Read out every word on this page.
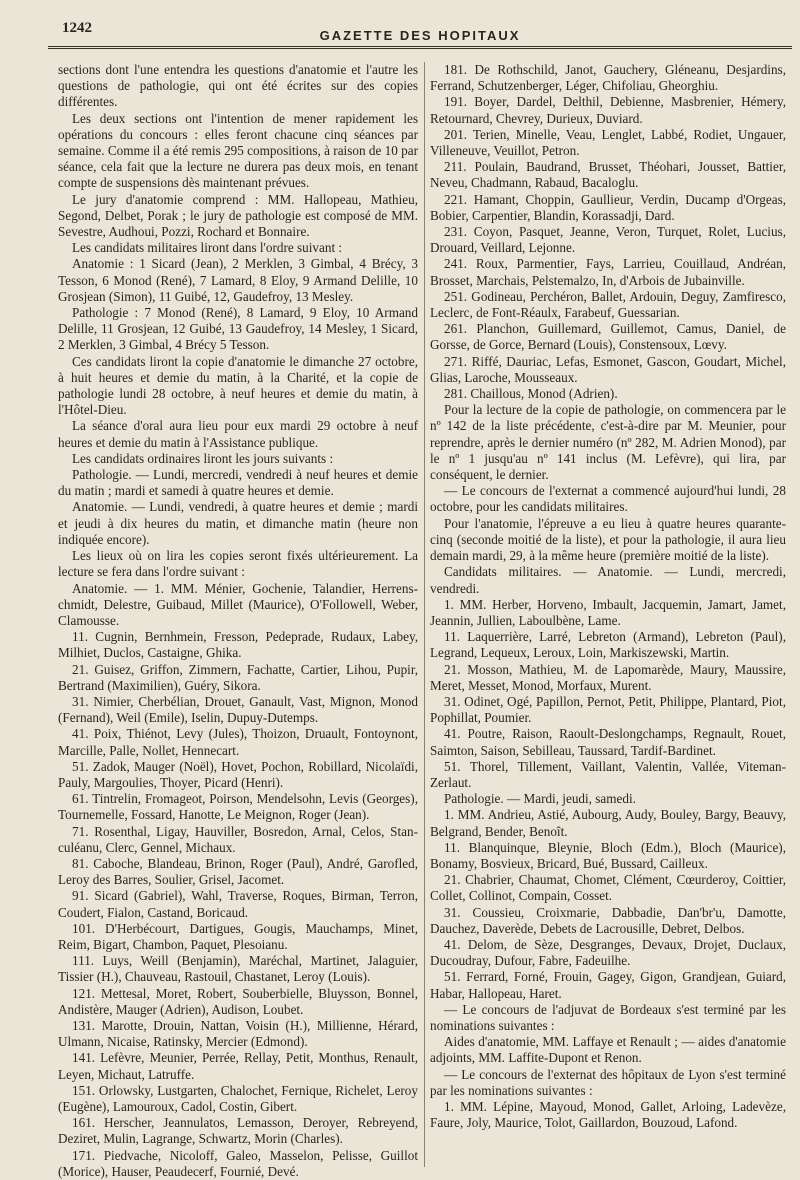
1242	GAZETTE DES HOPITAUX

sections dont l'une entendra les questions d'anatomie et l'autre les questions de pathologie, qui ont été écrites sur des copies différentes.

Les deux sections ont l'intention de mener rapidement les opérations du concours : elles feront chacune cinq séances par semaine. Comme il a été remis 295 compositions, à raison de 10 par séance, cela fait que la lecture ne durera pas deux mois, en tenant compte de suspensions dès maintenant prévues.

Le jury d'anatomie comprend : MM. Hallopeau, Mathieu, Segond, Delbet, Porak ; le jury de pathologie est composé de MM. Sevestre, Audhoui, Pozzi, Rochard et Bonnaire.

Les candidats militaires liront dans l'ordre suivant :

Anatomie : 1 Sicard (Jean), 2 Merklen, 3 Gimbal, 4 Brécy, 3 Tesson, 6 Monod (René), 7 Lamard, 8 Eloy, 9 Armand Delille, 10 Grosjean (Simon), 11 Guibé, 12, Gaudefroy, 13 Mesley.

Pathologie : 7 Monod (René), 8 Lamard, 9 Eloy, 10 Armand Delille, 11 Grosjean, 12 Guibé, 13 Gaudefroy, 14 Mesley, 1 Sicard, 2 Merklen, 3 Gimbal, 4 Brécy 5 Tesson.

Ces candidats liront la copie d'anatomie le dimanche 27 octobre, à huit heures et demie du matin, à la Charité, et la copie de pathologie lundi 28 octobre, à neuf heures et demie du matin, à l'Hôtel-Dieu.

La séance d'oral aura lieu pour eux mardi 29 octobre à neuf heures et demie du matin à l'Assistance publique.

Les candidats ordinaires liront les jours suivants :

Pathologie. — Lundi, mercredi, vendredi à neuf heures et demie du matin ; mardi et samedi à quatre heures et demie.

Anatomie. — Lundi, vendredi, à quatre heures et demie ; mardi et jeudi à dix heures du matin, et dimanche matin (heure non indiquée encore).

Les lieux où on lira les copies seront fixés ultérieurement. La lecture se fera dans l'ordre suivant :

Anatomie. — 1. MM. Ménier, Gochenie, Talandier, Herrens-chmidt, Delestre, Guibaud, Millet (Maurice), O'Followell, Weber, Clamousse.

11. Cugnin, Bernhmein, Fresson, Pedeprade, Rudaux, Labey, Milhiet, Duclos, Castaigne, Ghika.

21. Guisez, Griffon, Zimmern, Fachatte, Cartier, Lihou, Pupir, Bertrand (Maximilien), Guéry, Sikora.

31. Nimier, Cherbélian, Drouet, Ganault, Vast, Mignon, Monod (Fernand), Weil (Emile), Iselin, Dupuy-Dutemps.

41. Poix, Thiénot, Levy (Jules), Thoizon, Druault, Fontoynont, Marcille, Palle, Nollet, Hennecart.

51. Zadok, Mauger (Noël), Hovet, Pochon, Robillard, Nicolaïdi, Pauly, Margoulies, Thoyer, Picard (Henri).

61. Tintrelin, Fromageot, Poirson, Mendelsohn, Levis (Georges), Tournemelle, Fossard, Hanotte, Le Meignon, Roger (Jean).

71. Rosenthal, Ligay, Hauviller, Bosredon, Arnal, Celos, Stan-culéanu, Clerc, Gennel, Michaux.

81. Caboche, Blandeau, Brinon, Roger (Paul), André, Garofled, Leroy des Barres, Soulier, Grisel, Jacomet.

91. Sicard (Gabriel), Wahl, Traverse, Roques, Birman, Terron, Coudert, Fialon, Castand, Boricaud.

101. D'Herbécourt, Dartigues, Gougis, Mauchamps, Minet, Reim, Bigart, Chambon, Paquet, Plesoianu.

111. Luys, Weill (Benjamin), Maréchal, Martinet, Jalaguier, Tissier (H.), Chauveau, Rastouil, Chastanet, Leroy (Louis).

121. Mettesal, Moret, Robert, Souberbielle, Bluysson, Bonnel, Andistère, Mauger (Adrien), Audison, Loubet.

131. Marotte, Drouin, Nattan, Voisin (H.), Millienne, Hérard, Ulmann, Nicaise, Ratinsky, Mercier (Edmond).

141. Lefèvre, Meunier, Perrée, Rellay, Petit, Monthus, Renault, Leyen, Michaut, Latruffe.

151. Orlowsky, Lustgarten, Chalochet, Fernique, Richelet, Leroy (Eugène), Lamouroux, Cadol, Costin, Gibert.

161. Herscher, Jeannulatos, Lemasson, Deroyer, Rebreyend, Deziret, Mulin, Lagrange, Schwartz, Morin (Charles).

171. Piedvache, Nicoloff, Galeo, Masselon, Pelisse, Guillot (Morice), Hauser, Peaudecerf, Fournié, Devé.

181. De Rothschild, Janot, Gauchery, Gléneanu, Desjardins, Ferrand, Schutzenberger, Léger, Chifoliau, Gheorghiu.

191. Boyer, Dardel, Delthil, Debienne, Masbrenier, Hémery, Retournard, Chevrey, Durieux, Duviard.

201. Terien, Minelle, Veau, Lenglet, Labbé, Rodiet, Ungauer, Villeneuve, Veuillot, Petron.

211. Poulain, Baudrand, Brusset, Théohari, Jousset, Battier, Neveu, Chadmann, Rabaud, Bacaloglu.

221. Hamant, Choppin, Gaullieur, Verdin, Ducamp d'Orgeas, Bobier, Carpentier, Blandin, Korassadji, Dard.

231. Coyon, Pasquet, Jeanne, Veron, Turquet, Rolet, Lucius, Drouard, Veillard, Lejonne.

241. Roux, Parmentier, Fays, Larrieu, Couillaud, Andréan, Brosset, Marchais, Pelstemalzo, In, d'Arbois de Jubainville.

251. Godineau, Perchéron, Ballet, Ardouin, Deguy, Zamfiresco, Leclerc, de Font-Réaulx, Farabeuf, Guessarian.

261. Planchon, Guillemard, Guillemot, Camus, Daniel, de Gorsse, de Gorce, Bernard (Louis), Constensoux, Lœvy.

271. Riffé, Dauriac, Lefas, Esmonet, Gascon, Goudart, Michel, Glias, Laroche, Mousseaux.

281. Chaillous, Monod (Adrien).

Pour la lecture de la copie de pathologie, on commencera par le nº 142 de la liste précédente, c'est-à-dire par M. Meunier, pour reprendre, après le dernier numéro (nº 282, M. Adrien Monod), par le nº 1 jusqu'au nº 141 inclus (M. Lefèvre), qui lira, par conséquent, le dernier.

— Le concours de l'externat a commencé aujourd'hui lundi, 28 octobre, pour les candidats militaires.

Pour l'anatomie, l'épreuve a eu lieu à quatre heures quarante-cinq (seconde moitié de la liste), et pour la pathologie, il aura lieu demain mardi, 29, à la même heure (première moitié de la liste).

Candidats militaires. — Anatomie. — Lundi, mercredi, vendredi.

1. MM. Herber, Horveno, Imbault, Jacquemin, Jamart, Jamet, Jeannin, Jullien, Laboulbène, Lame.

11. Laquerrière, Larré, Lebreton (Armand), Lebreton (Paul), Legrand, Lequeux, Leroux, Loin, Markiszewski, Martin.

21. Mosson, Mathieu, M. de Lapomarède, Maury, Maussire, Meret, Messet, Monod, Morfaux, Murent.

31. Odinet, Ogé, Papillon, Pernot, Petit, Philippe, Plantard, Piot, Pophillat, Poumier.

41. Poutre, Raison, Raoult-Deslongchamps, Regnault, Rouet, Saimton, Saison, Sebilleau, Taussard, Tardif-Bardinet.

51. Thorel, Tillement, Vaillant, Valentin, Vallée, Viteman-Zerlaut.

Pathologie. — Mardi, jeudi, samedi.

1. MM. Andrieu, Astié, Aubourg, Audy, Bouley, Bargy, Beauvy, Belgrand, Bender, Benoît.

11. Blanquinque, Bleynie, Bloch (Edm.), Bloch (Maurice), Bonamy, Bosvieux, Bricard, Bué, Bussard, Cailleux.

21. Chabrier, Chaumat, Chomet, Clément, Cœurderoy, Coittier, Collet, Collinot, Compain, Cosset.

31. Coussieu, Croixmarie, Dabbadie, Dan'br'u, Damotte, Dauchez, Daverède, Debets de Lacrousille, Debret, Delbos.

41. Delom, de Sèze, Desgranges, Devaux, Drojet, Duclaux, Ducoudray, Dufour, Fabre, Fadeuilhe.

51. Ferrard, Forné, Frouin, Gagey, Gigon, Grandjean, Guiard, Habar, Hallopeau, Haret.

— Le concours de l'adjuvat de Bordeaux s'est terminé par les nominations suivantes :

Aides d'anatomie, MM. Laffaye et Renault ; — aides d'anatomie adjoints, MM. Laffite-Dupont et Renon.

— Le concours de l'externat des hôpitaux de Lyon s'est terminé par les nominations suivantes :

1. MM. Lépine, Mayoud, Monod, Gallet, Arloing, Ladevèze, Faure, Joly, Maurice, Tolot, Gaillardon, Bouzoud, Lafond.
